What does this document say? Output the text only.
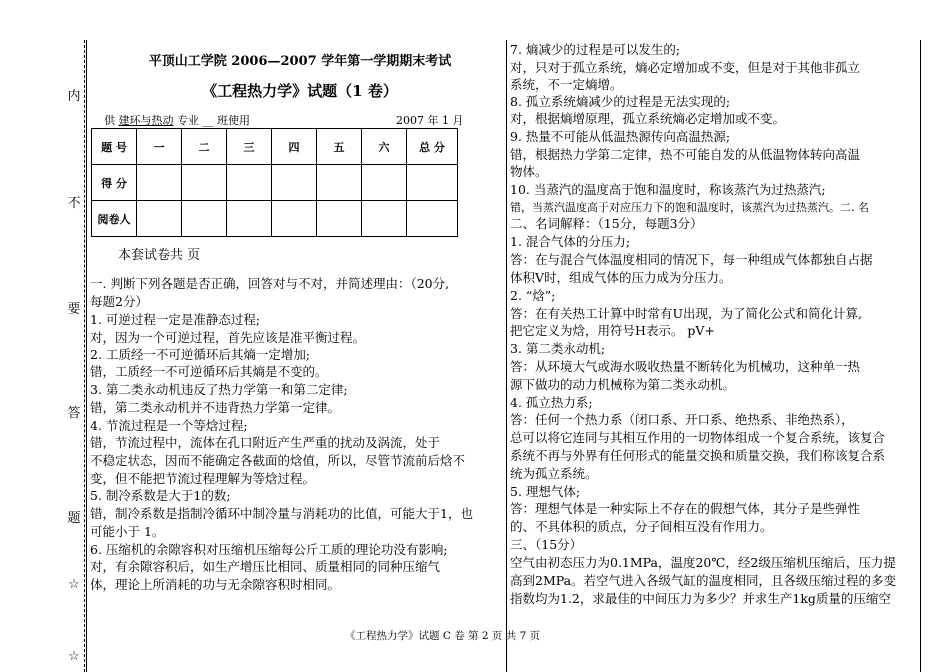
内
不
要
答
题
☆
☆
平顶山工学院 2006—2007 学年第一学期期末考试
《工程热力学》试题（1 卷）
供 建环与热动 专业 __ 班使用	2007 年 1 月
题 号	一	二	三	四	五	六	总 分
得 分							
阅卷人							
本套试卷共 页
一. 判断下列各题是否正确，回答对与不对，并简述理由：（20分,
每题2分）
1. 可逆过程一定是准静态过程;
对，因为一个可逆过程，首先应该是准平衡过程。
2. 工质经一不可逆循环后其熵一定增加;
错，工质经一不可逆循环后其熵是不变的。
3. 第二类永动机违反了热力学第一和第二定律;
错，第二类永动机并不违背热力学第一定律。
4. 节流过程是一个等焓过程;
错，节流过程中，流体在孔口附近产生严重的扰动及涡流，处于
不稳定状态，因而不能确定各截面的焓值，所以，尽管节流前后焓不
变，但不能把节流过程理解为等焓过程。
5. 制冷系数是大于1的数;
错，制冷系数是指制冷循环中制冷量与消耗功的比值，可能大于1，也
可能小于 1。
6. 压缩机的余隙容积对压缩机压缩每公斤工质的理论功没有影响;
对，有余隙容积后，如生产增压比相同、质量相同的同种压缩气
体，理论上所消耗的功与无余隙容积时相同。
7. 熵减少的过程是可以发生的;
对，只对于孤立系统，熵必定增加或不变，但是对于其他非孤立
系统，不一定熵增。
8. 孤立系统熵减少的过程是无法实现的;
对，根据熵增原理，孤立系统熵必定增加或不变。
9. 热量不可能从低温热源传向高温热源;
错，根据热力学第二定律，热不可能自发的从低温物体转向高温
物体。
10. 当蒸汽的温度高于饱和温度时，称该蒸汽为过热蒸汽;
错，当蒸汽温度高于对应压力下的饱和温度时，该蒸汽为过热蒸汽。二. 名
二、名词解释：（15分，每题3分）
1. 混合气体的分压力;
答：在与混合气体温度相同的情况下，每一种组成气体都独自占据
体积V时，组成气体的压力成为分压力。
2. “焓”;
答：在有关热工计算中时常有U出现，为了简化公式和简化计算,
把它定义为焓，用符号H表示。 pV+
3. 第二类永动机;
答：从环境大气或海水吸收热量不断转化为机械功，这种单一热
源下做功的动力机械称为第二类永动机。
4. 孤立热力系;
答：任何一个热力系（闭口系、开口系、绝热系、非绝热系），
总可以将它连同与其相互作用的一切物体组成一个复合系统，该复合
系统不再与外界有任何形式的能量交换和质量交换，我们称该复合系
统为孤立系统。
5. 理想气体;
答：理想气体是一种实际上不存在的假想气体，其分子是些弹性
的、不具体积的质点，分子间相互没有作用力。
三、（15分）
空气由初态压力为0.1MPa，温度20℃，经2级压缩机压缩后，压力提
高到2MPa。若空气进入各级气缸的温度相同，且各级压缩过程的多变
指数均为1.2，求最佳的中间压力为多少？并求生产1kg质量的压缩空
《工程热力学》试题 C 卷 第 2 页 共 7 页
